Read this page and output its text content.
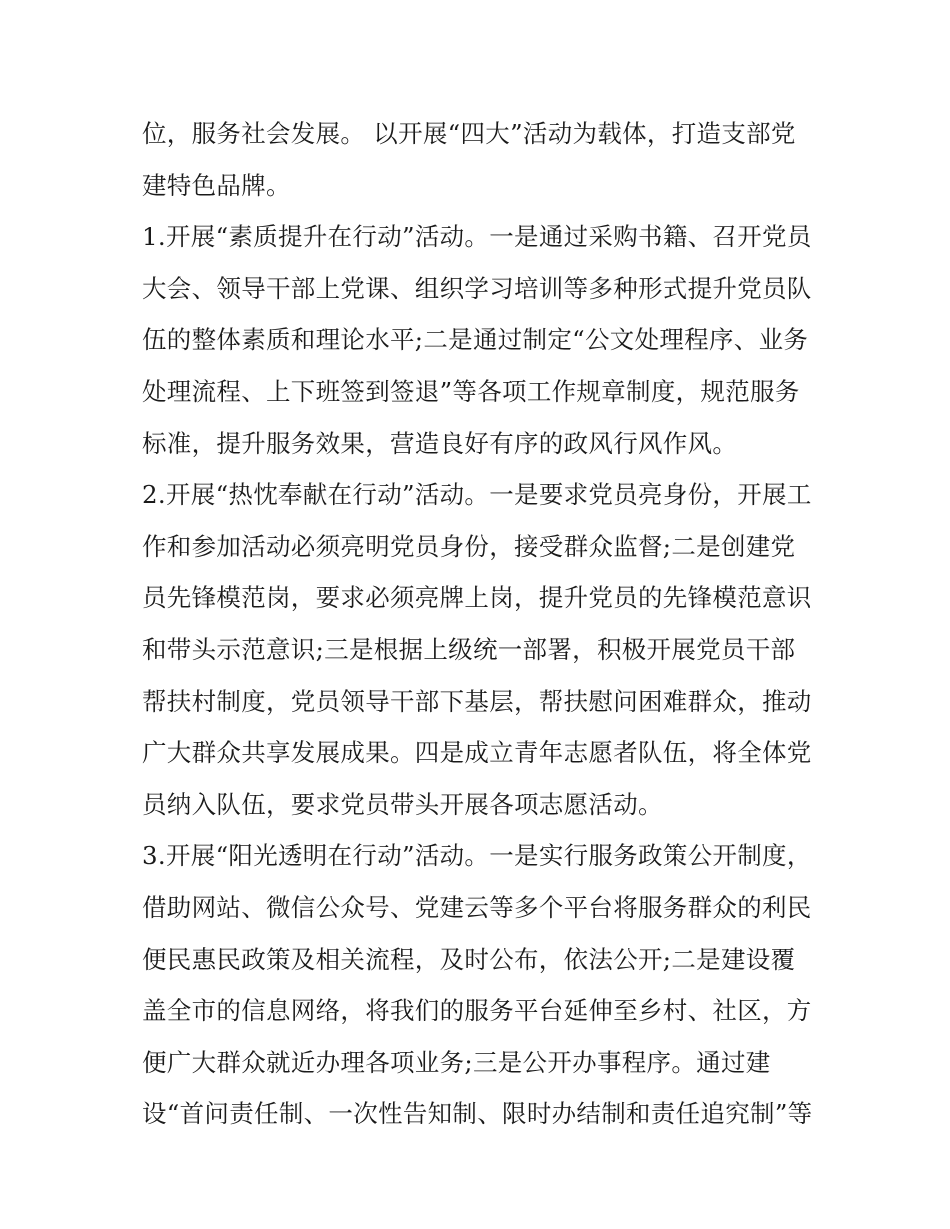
位，服务社会发展。 以开展“四大”活动为载体，打造支部党
建特色品牌。
1.开展“素质提升在行动”活动。一是通过采购书籍、召开党员
大会、领导干部上党课、组织学习培训等多种形式提升党员队
伍的整体素质和理论水平;二是通过制定“公文处理程序、业务
处理流程、上下班签到签退”等各项工作规章制度，规范服务
标准，提升服务效果，营造良好有序的政风行风作风。
2.开展“热忱奉献在行动”活动。一是要求党员亮身份，开展工
作和参加活动必须亮明党员身份，接受群众监督;二是创建党
员先锋模范岗，要求必须亮牌上岗，提升党员的先锋模范意识
和带头示范意识;三是根据上级统一部署，积极开展党员干部
帮扶村制度，党员领导干部下基层，帮扶慰问困难群众，推动
广大群众共享发展成果。四是成立青年志愿者队伍，将全体党
员纳入队伍，要求党员带头开展各项志愿活动。
3.开展“阳光透明在行动”活动。一是实行服务政策公开制度，
借助网站、微信公众号、党建云等多个平台将服务群众的利民
便民惠民政策及相关流程，及时公布，依法公开;二是建设覆
盖全市的信息网络，将我们的服务平台延伸至乡村、社区，方
便广大群众就近办理各项业务;三是公开办事程序。通过建
设“首问责任制、一次性告知制、限时办结制和责任追究制”等
